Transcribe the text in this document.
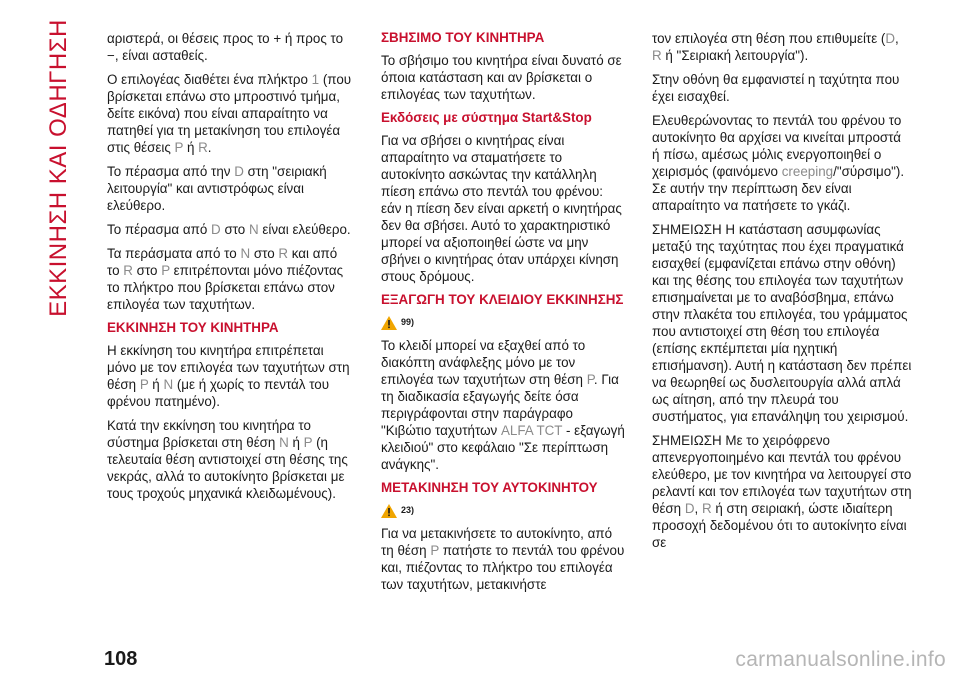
ΕΚΚΙΝΗΣΗ ΚΑΙ ΟΔΗΓΗΣΗ	αριστερά, οι θέσεις προς το + ή προς το −, είναι ασταθείς.

Ο επιλογέας διαθέτει ένα πλήκτρο 1 (που βρίσκεται επάνω στο μπροστινό τμήμα, δείτε εικόνα) που είναι απαραίτητο να πατηθεί για τη μετακίνηση του επιλογέα στις θέσεις P ή R.

Το πέρασμα από την D στη "σειριακή λειτουργία" και αντιστρόφως είναι ελεύθερο.

Το πέρασμα από D στο N είναι ελεύθερο.

Τα περάσματα από το N στο R και από το R στο P επιτρέπονται μόνο πιέζοντας το πλήκτρο που βρίσκεται επάνω στον επιλογέα των ταχυτήτων.

ΕΚΚΙΝΗΣΗ ΤΟΥ ΚΙΝΗΤΗΡΑ

Η εκκίνηση του κινητήρα επιτρέπεται μόνο με τον επιλογέα των ταχυτήτων στη θέση P ή N (με ή χωρίς το πεντάλ του φρένου πατημένο).

Κατά την εκκίνηση του κινητήρα το σύστημα βρίσκεται στη θέση N ή P (η τελευταία θέση αντιστοιχεί στη θέσης της νεκράς, αλλά το αυτοκίνητο βρίσκεται με τους τροχούς μηχανικά κλειδωμένους).

ΣΒΗΣΙΜΟ ΤΟΥ ΚΙΝΗΤΗΡΑ

Το σβήσιμο του κινητήρα είναι δυνατό σε όποια κατάσταση και αν βρίσκεται ο επιλογέας των ταχυτήτων.

Εκδόσεις με σύστημα Start&Stop

Για να σβήσει ο κινητήρας είναι απαραίτητο να σταματήσετε το αυτοκίνητο ασκώντας την κατάλληλη πίεση επάνω στο πεντάλ του φρένου: εάν η πίεση δεν είναι αρκετή ο κινητήρας δεν θα σβήσει. Αυτό το χαρακτηριστικό μπορεί να αξιοποιηθεί ώστε να μην σβήνει ο κινητήρας όταν υπάρχει κίνηση στους δρόμους.

ΕΞΑΓΩΓΗ ΤΟΥ ΚΛΕΙΔΙΟΥ ΕΚΚΙΝΗΣΗΣ
99)

Το κλειδί μπορεί να εξαχθεί από το διακόπτη ανάφλεξης μόνο με τον επιλογέα των ταχυτήτων στη θέση P. Για τη διαδικασία εξαγωγής δείτε όσα περιγράφονται στην παράγραφο "Κιβώτιο ταχυτήτων ALFA TCT - εξαγωγή κλειδιού" στο κεφάλαιο "Σε περίπτωση ανάγκης".

ΜΕΤΑΚΙΝΗΣΗ ΤΟΥ ΑΥΤΟΚΙΝΗΤΟΥ
23)

Για να μετακινήσετε το αυτοκίνητο, από τη θέση P πατήστε το πεντάλ του φρένου και, πιέζοντας το πλήκτρο του επιλογέα των ταχυτήτων, μετακινήστε

τον επιλογέα στη θέση που επιθυμείτε (D, R ή "Σειριακή λειτουργία").

Στην οθόνη θα εμφανιστεί η ταχύτητα που έχει εισαχθεί.

Ελευθερώνοντας το πεντάλ του φρένου το αυτοκίνητο θα αρχίσει να κινείται μπροστά ή πίσω, αμέσως μόλις ενεργοποιηθεί ο χειρισμός (φαινόμενο creeping/"σύρσιμο"). Σε αυτήν την περίπτωση δεν είναι απαραίτητο να πατήσετε το γκάζι.

ΣΗΜΕΙΩΣΗ Η κατάσταση ασυμφωνίας μεταξύ της ταχύτητας που έχει πραγματικά εισαχθεί (εμφανίζεται επάνω στην οθόνη) και της θέσης του επιλογέα των ταχυτήτων επισημαίνεται με το αναβόσβημα, επάνω στην πλακέτα του επιλογέα, του γράμματος που αντιστοιχεί στη θέση του επιλογέα (επίσης εκπέμπεται μία ηχητική επισήμανση). Αυτή η κατάσταση δεν πρέπει να θεωρηθεί ως δυσλειτουργία αλλά απλά ως αίτηση, από την πλευρά του συστήματος, για επανάληψη του χειρισμού.

ΣΗΜΕΙΩΣΗ Με το χειρόφρενο απενεργοποιημένο και πεντάλ του φρένου ελεύθερο, με τον κινητήρα να λειτουργεί στο ρελαντί και τον επιλογέα των ταχυτήτων στη θέση D, R ή στη σειριακή, ώστε ιδιαίτερη προσοχή δεδομένου ότι το αυτοκίνητο είναι σε

108	carmanualsonline.info
